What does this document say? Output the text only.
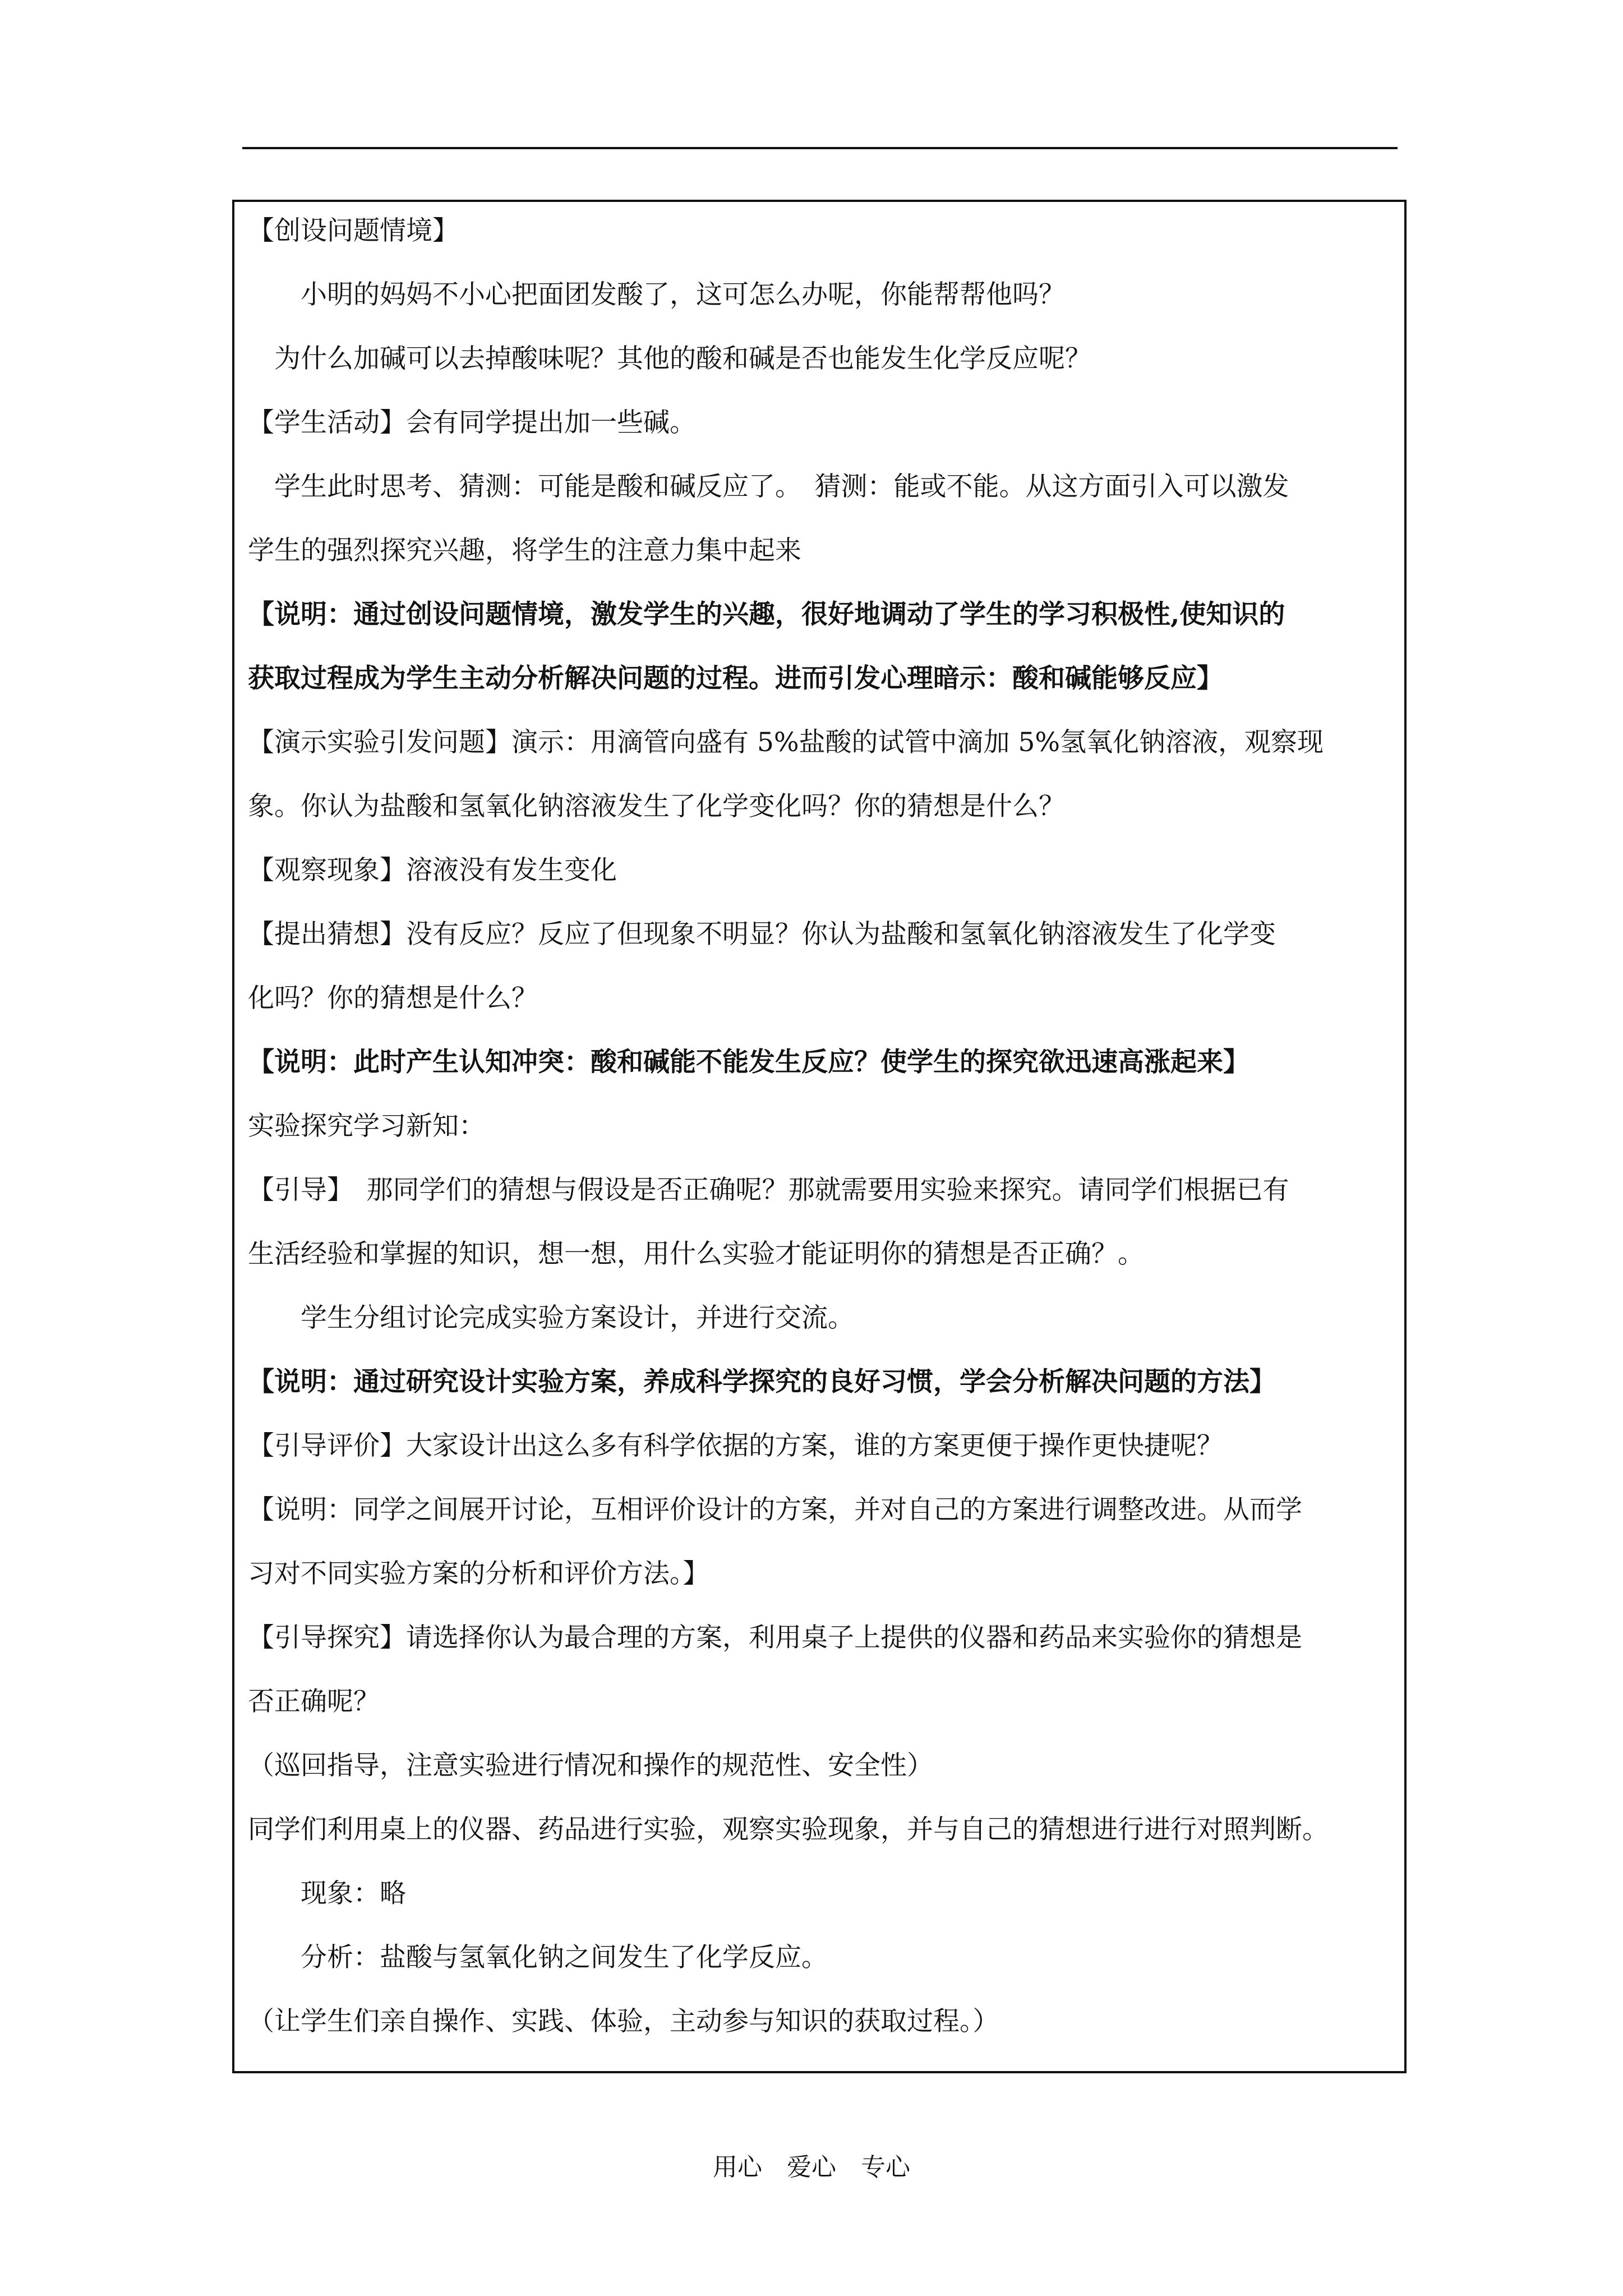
【创设问题情境】
　　小明的妈妈不小心把面团发酸了，这可怎么办呢，你能帮帮他吗？
　为什么加碱可以去掉酸味呢？其他的酸和碱是否也能发生化学反应呢？
【学生活动】会有同学提出加一些碱。
　学生此时思考、猜测：可能是酸和碱反应了。　猜测：能或不能。从这方面引入可以激发
学生的强烈探究兴趣，将学生的注意力集中起来
【说明：通过创设问题情境，激发学生的兴趣，很好地调动了学生的学习积极性,使知识的
获取过程成为学生主动分析解决问题的过程。进而引发心理暗示：酸和碱能够反应】
【演示实验引发问题】演示：用滴管向盛有 5%盐酸的试管中滴加 5%氢氧化钠溶液，观察现
象。你认为盐酸和氢氧化钠溶液发生了化学变化吗？你的猜想是什么？
【观察现象】溶液没有发生变化
【提出猜想】没有反应？反应了但现象不明显？你认为盐酸和氢氧化钠溶液发生了化学变
化吗？你的猜想是什么？
【说明：此时产生认知冲突：酸和碱能不能发生反应？使学生的探究欲迅速高涨起来】
实验探究学习新知：
【引导】　那同学们的猜想与假设是否正确呢？那就需要用实验来探究。请同学们根据已有
生活经验和掌握的知识，想一想，用什么实验才能证明你的猜想是否正确？。
　　学生分组讨论完成实验方案设计，并进行交流。
【说明：通过研究设计实验方案，养成科学探究的良好习惯，学会分析解决问题的方法】
【引导评价】大家设计出这么多有科学依据的方案，谁的方案更便于操作更快捷呢？
【说明：同学之间展开讨论，互相评价设计的方案，并对自己的方案进行调整改进。从而学
习对不同实验方案的分析和评价方法。】
【引导探究】请选择你认为最合理的方案，利用桌子上提供的仪器和药品来实验你的猜想是
否正确呢？
（巡回指导，注意实验进行情况和操作的规范性、安全性）
同学们利用桌上的仪器、药品进行实验，观察实验现象，并与自己的猜想进行进行对照判断。
　　现象：略
　　分析：盐酸与氢氧化钠之间发生了化学反应。
（让学生们亲自操作、实践、体验，主动参与知识的获取过程。）
用心　爱心　专心
